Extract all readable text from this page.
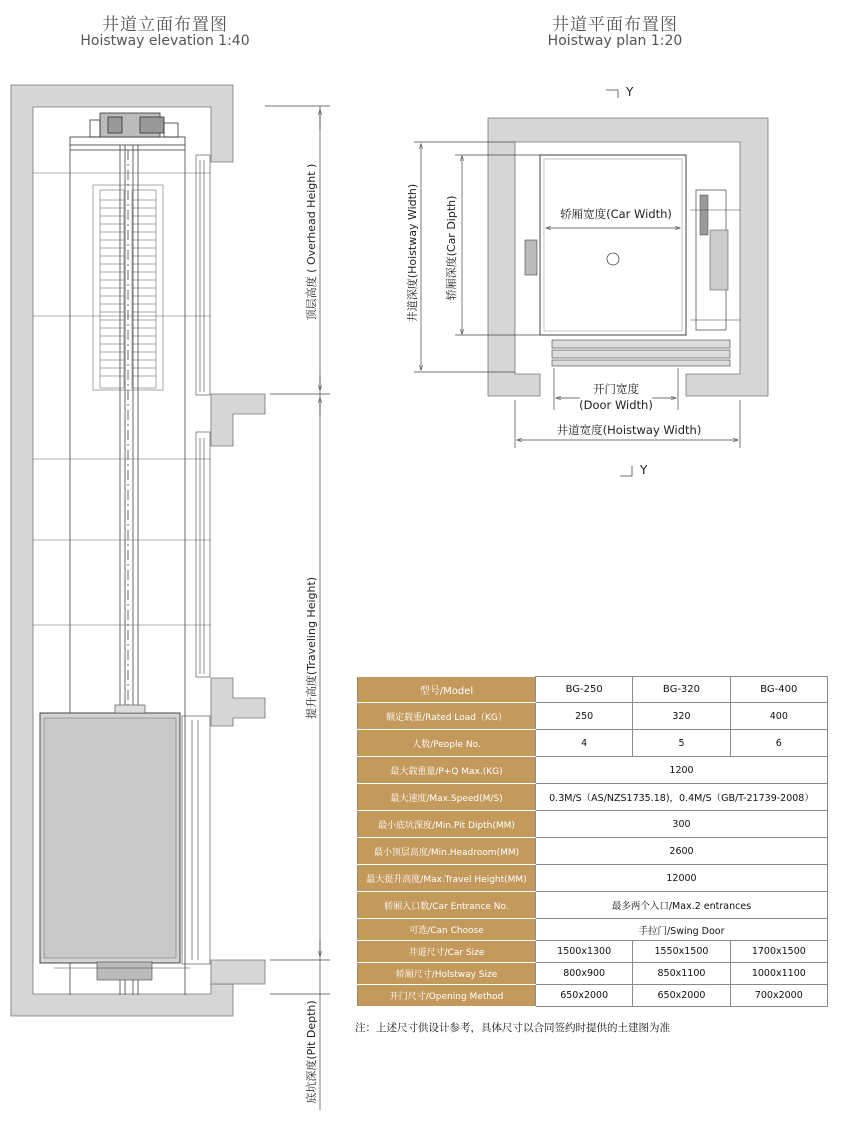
井道立面布置图
Hoistway elevation 1:40
井道平面布置图
Hoistway plan 1:20
顶层高度 ( Overhead Height )
提升高度(Traveling Height)
底坑深度(Pit Depth)
Y
Y
轿厢宽度(Car Width)
轿厢深度(Car Dipth)
井道深度(Hoistway Width)
开门宽度
(Door Width)
井道宽度(Hoistway Width)
型号/Model	BG-250	BG-320	BG-400
额定载重/Rated Load（KG）	250	320	400
人数/People No.	4	5	6
最大载重量/P+Q Max.(KG)	1200		
最大速度/Max.Speed(M/S)	0.3M/S（AS/NZS1735.18)，0.4M/S（GB/T-21739-2008）		
最小底坑深度/Min.Pit Dipth(MM)	300		
最小顶层高度/Min.Headroom(MM)	2600		
最大提升高度/Max.Travel Height(MM)	12000		
轿厢入口数/Car Entrance No.	最多两个入口/Max.2 entrances		
可选/Can Choose	手拉门/Swing Door		
井道尺寸/Car Size	1500x1300	1550x1500	1700x1500
轿厢尺寸/Holstway Size	800x900	850x1100	1000x1100
开门尺寸/Opening Method	650x2000	650x2000	700x2000
注：上述尺寸供设计参考，具体尺寸以合同签约时提供的土建图为准
